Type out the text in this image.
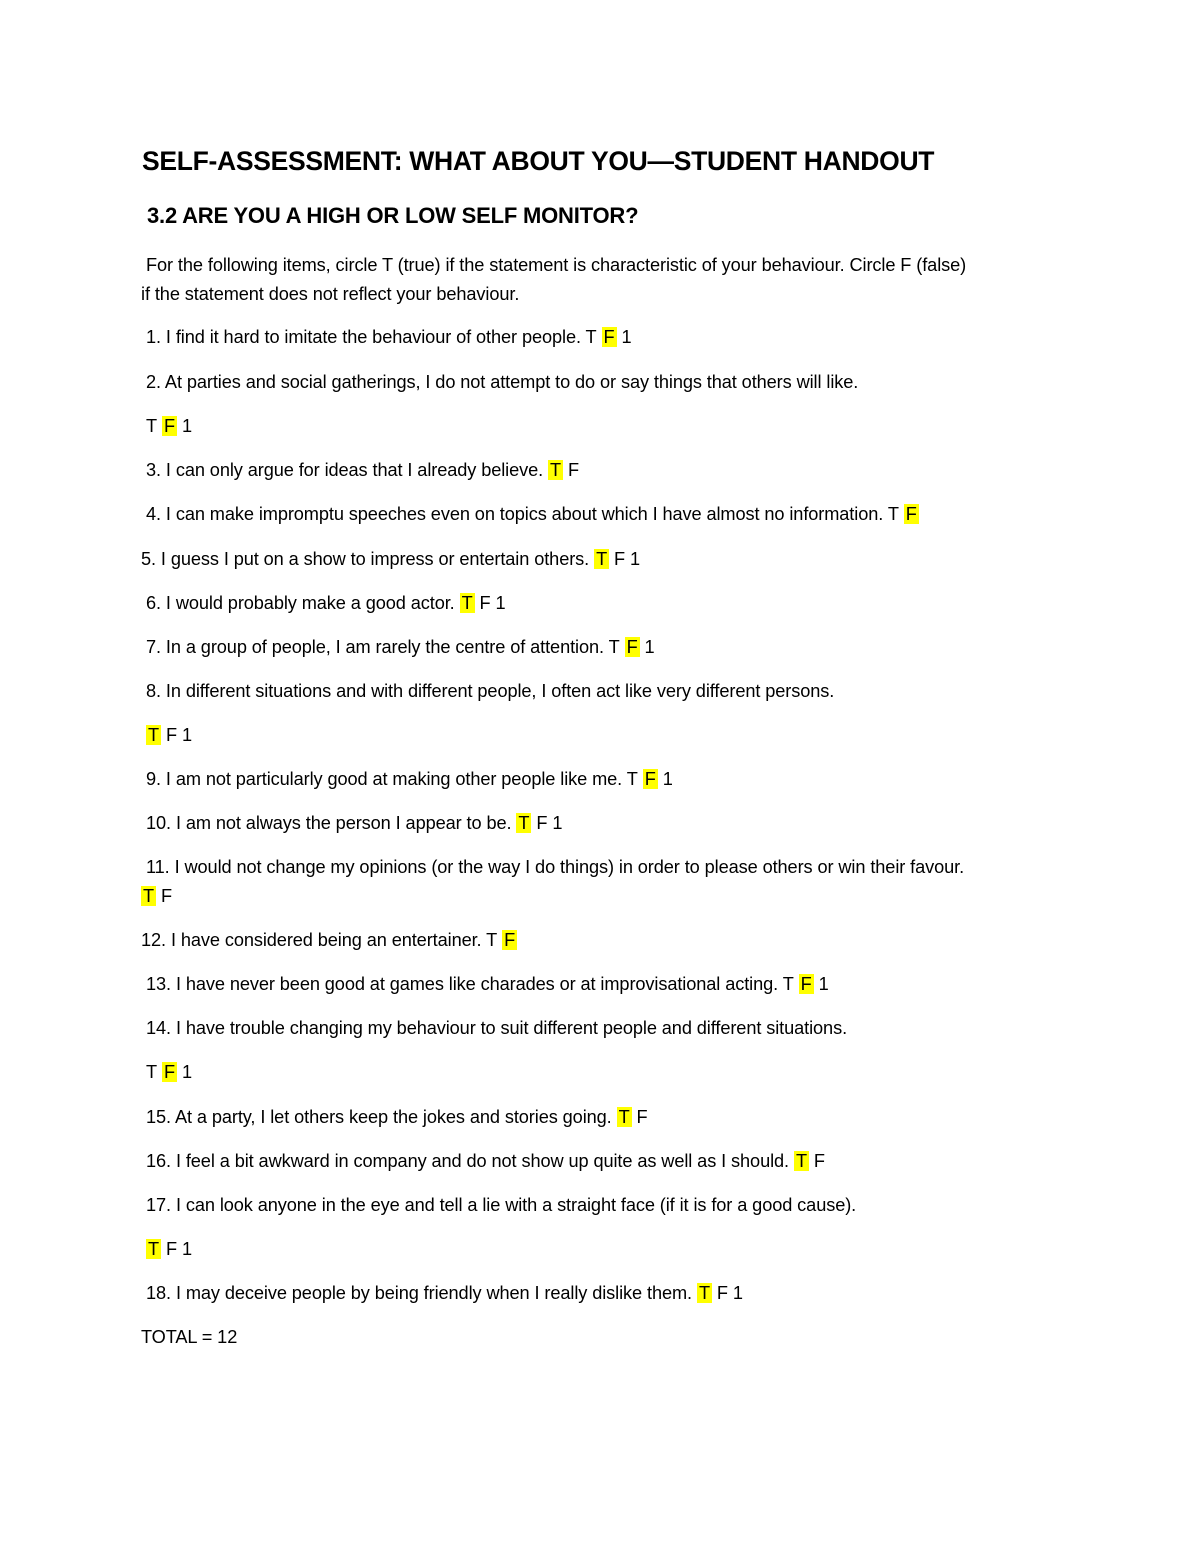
SELF-ASSESSMENT: WHAT ABOUT YOU—STUDENT HANDOUT
3.2 ARE YOU A HIGH OR LOW SELF MONITOR?
For the following items, circle T (true) if the statement is characteristic of your behaviour. Circle F (false)
if the statement does not reflect your behaviour.
1. I find it hard to imitate the behaviour of other people. T F 1
2. At parties and social gatherings, I do not attempt to do or say things that others will like.
T F 1
3. I can only argue for ideas that I already believe. T F
4. I can make impromptu speeches even on topics about which I have almost no information. T F
5. I guess I put on a show to impress or entertain others. T F 1
6. I would probably make a good actor. T F 1
7. In a group of people, I am rarely the centre of attention. T F 1
8. In different situations and with different people, I often act like very different persons.
T F 1
9. I am not particularly good at making other people like me. T F 1
10. I am not always the person I appear to be. T F 1
11. I would not change my opinions (or the way I do things) in order to please others or win their favour.
T F
12. I have considered being an entertainer. T F
13. I have never been good at games like charades or at improvisational acting. T F 1
14. I have trouble changing my behaviour to suit different people and different situations.
T F 1
15. At a party, I let others keep the jokes and stories going. T F
16. I feel a bit awkward in company and do not show up quite as well as I should. T F
17. I can look anyone in the eye and tell a lie with a straight face (if it is for a good cause).
T F 1
18. I may deceive people by being friendly when I really dislike them. T F 1
TOTAL = 12
